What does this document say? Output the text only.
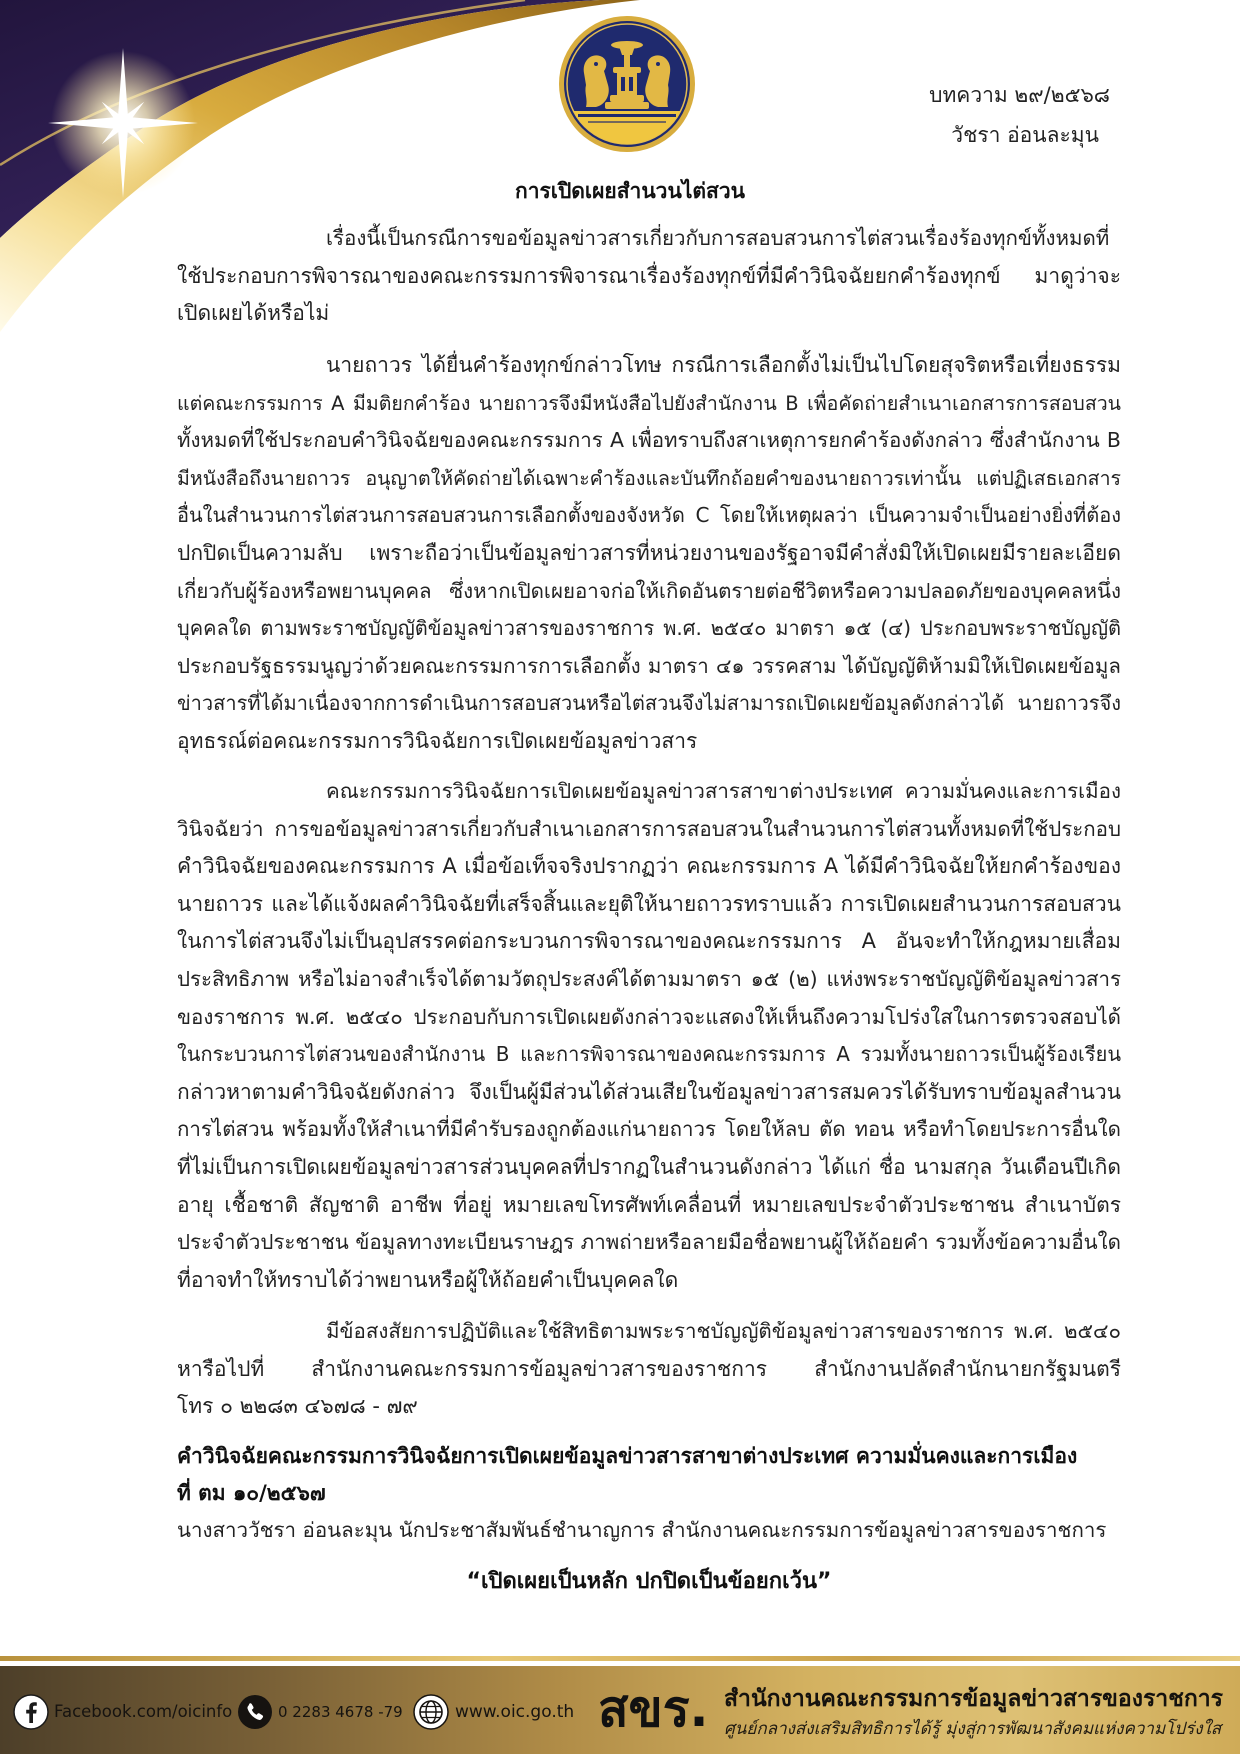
บทความ ๒๙/๒๕๖๘
วัชรา อ่อนละมุน
การเปิดเผยสำนวนไต่สวน
เรื่องนี้เป็นกรณีการขอข้อมูลข่าวสารเกี่ยวกับการสอบสวนการไต่สวนเรื่องร้องทุกข์ทั้งหมดที่
ใช้ประกอบการพิจารณาของคณะกรรมการพิจารณาเรื่องร้องทุกข์ที่มีคำวินิจฉัยยกคำร้องทุกข์ มาดูว่าจะ
เปิดเผยได้หรือไม่
นายถาวร ได้ยื่นคำร้องทุกข์กล่าวโทษ กรณีการเลือกตั้งไม่เป็นไปโดยสุจริตหรือเที่ยงธรรม
แต่คณะกรรมการ A มีมติยกคำร้อง นายถาวรจึงมีหนังสือไปยังสำนักงาน B เพื่อคัดถ่ายสำเนาเอกสารการสอบสวน
ทั้งหมดที่ใช้ประกอบคำวินิจฉัยของคณะกรรมการ A เพื่อทราบถึงสาเหตุการยกคำร้องดังกล่าว ซึ่งสำนักงาน B
มีหนังสือถึงนายถาวร อนุญาตให้คัดถ่ายได้เฉพาะคำร้องและบันทึกถ้อยคำของนายถาวรเท่านั้น แต่ปฏิเสธเอกสาร
อื่นในสำนวนการไต่สวนการสอบสวนการเลือกตั้งของจังหวัด C โดยให้เหตุผลว่า เป็นความจำเป็นอย่างยิ่งที่ต้อง
ปกปิดเป็นความลับ เพราะถือว่าเป็นข้อมูลข่าวสารที่หน่วยงานของรัฐอาจมีคำสั่งมิให้เปิดเผยมีรายละเอียด
เกี่ยวกับผู้ร้องหรือพยานบุคคล ซึ่งหากเปิดเผยอาจก่อให้เกิดอันตรายต่อชีวิตหรือความปลอดภัยของบุคคลหนึ่ง
บุคคลใด ตามพระราชบัญญัติข้อมูลข่าวสารของราชการ พ.ศ. ๒๕๔๐ มาตรา ๑๕ (๔) ประกอบพระราชบัญญัติ
ประกอบรัฐธรรมนูญว่าด้วยคณะกรรมการการเลือกตั้ง มาตรา ๔๑ วรรคสาม ได้บัญญัติห้ามมิให้เปิดเผยข้อมูล
ข่าวสารที่ได้มาเนื่องจากการดำเนินการสอบสวนหรือไต่สวนจึงไม่สามารถเปิดเผยข้อมูลดังกล่าวได้ นายถาวรจึง
อุทธรณ์ต่อคณะกรรมการวินิจฉัยการเปิดเผยข้อมูลข่าวสาร
คณะกรรมการวินิจฉัยการเปิดเผยข้อมูลข่าวสารสาขาต่างประเทศ ความมั่นคงและการเมือง
วินิจฉัยว่า การขอข้อมูลข่าวสารเกี่ยวกับสำเนาเอกสารการสอบสวนในสำนวนการไต่สวนทั้งหมดที่ใช้ประกอบ
คำวินิจฉัยของคณะกรรมการ A เมื่อข้อเท็จจริงปรากฏว่า คณะกรรมการ A ได้มีคำวินิจฉัยให้ยกคำร้องของ
นายถาวร และได้แจ้งผลคำวินิจฉัยที่เสร็จสิ้นและยุติให้นายถาวรทราบแล้ว การเปิดเผยสำนวนการสอบสวน
ในการไต่สวนจึงไม่เป็นอุปสรรคต่อกระบวนการพิจารณาของคณะกรรมการ A อันจะทำให้กฎหมายเสื่อม
ประสิทธิภาพ หรือไม่อาจสำเร็จได้ตามวัตถุประสงค์ได้ตามมาตรา ๑๕ (๒) แห่งพระราชบัญญัติข้อมูลข่าวสาร
ของราชการ พ.ศ. ๒๕๔๐ ประกอบกับการเปิดเผยดังกล่าวจะแสดงให้เห็นถึงความโปร่งใสในการตรวจสอบได้
ในกระบวนการไต่สวนของสำนักงาน B และการพิจารณาของคณะกรรมการ A รวมทั้งนายถาวรเป็นผู้ร้องเรียน
กล่าวหาตามคำวินิจฉัยดังกล่าว จึงเป็นผู้มีส่วนได้ส่วนเสียในข้อมูลข่าวสารสมควรได้รับทราบข้อมูลสำนวน
การไต่สวน พร้อมทั้งให้สำเนาที่มีคำรับรองถูกต้องแก่นายถาวร โดยให้ลบ ตัด ทอน หรือทำโดยประการอื่นใด
ที่ไม่เป็นการเปิดเผยข้อมูลข่าวสารส่วนบุคคลที่ปรากฏในสำนวนดังกล่าว ได้แก่ ชื่อ นามสกุล วันเดือนปีเกิด
อายุ เชื้อชาติ สัญชาติ อาชีพ ที่อยู่ หมายเลขโทรศัพท์เคลื่อนที่ หมายเลขประจำตัวประชาชน สำเนาบัตร
ประจำตัวประชาชน ข้อมูลทางทะเบียนราษฎร ภาพถ่ายหรือลายมือชื่อพยานผู้ให้ถ้อยคำ รวมทั้งข้อความอื่นใด
ที่อาจทำให้ทราบได้ว่าพยานหรือผู้ให้ถ้อยคำเป็นบุคคลใด
มีข้อสงสัยการปฏิบัติและใช้สิทธิตามพระราชบัญญัติข้อมูลข่าวสารของราชการ พ.ศ. ๒๕๔๐
หารือไปที่ สำนักงานคณะกรรมการข้อมูลข่าวสารของราชการ สำนักงานปลัดสำนักนายกรัฐมนตรี
โทร ๐ ๒๒๘๓ ๔๖๗๘ - ๗๙
คำวินิจฉัยคณะกรรมการวินิจฉัยการเปิดเผยข้อมูลข่าวสารสาขาต่างประเทศ ความมั่นคงและการเมือง
ที่ ตม ๑๐/๒๕๖๗
นางสาววัชรา อ่อนละมุน นักประชาสัมพันธ์ชำนาญการ สำนักงานคณะกรรมการข้อมูลข่าวสารของราชการ
“เปิดเผยเป็นหลัก ปกปิดเป็นข้อยกเว้น”
Facebook.com/oicinfo	0 2283 4678 -79	www.oic.go.th สขร. สำนักงานคณะกรรมการข้อมูลข่าวสารของราชการ
ศูนย์กลางส่งเสริมสิทธิการได้รู้ มุ่งสู่การพัฒนาสังคมแห่งความโปร่งใส
